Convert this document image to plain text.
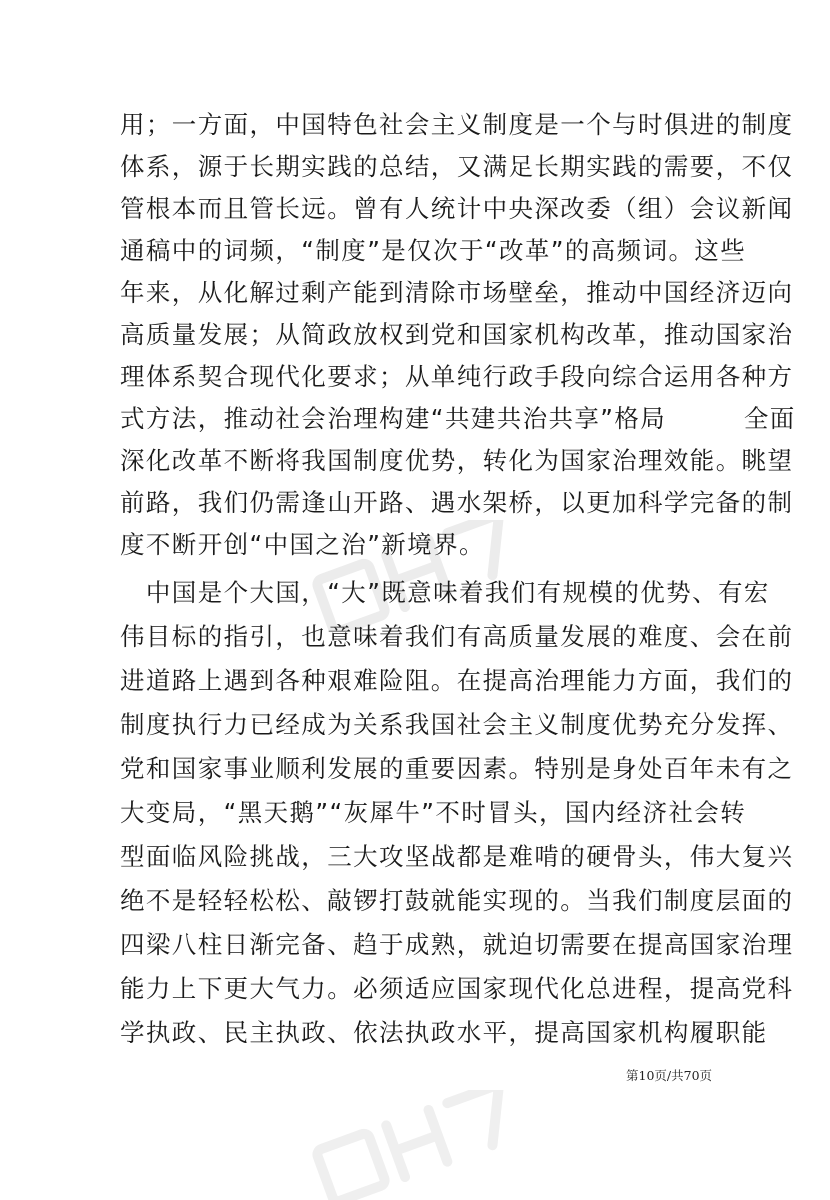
用；一方面，中国特色社会主义制度是一个与时俱进的制度
体系，源于长期实践的总结，又满足长期实践的需要，不仅
管根本而且管长远。曾有人统计中央深改委（组）会议新闻
通稿中的词频，“制度”是仅次于“改革”的高频词。这些
年来，从化解过剩产能到清除市场壁垒，推动中国经济迈向
高质量发展；从简政放权到党和国家机构改革，推动国家治
理体系契合现代化要求；从单纯行政手段向综合运用各种方
式方法，推动社会治理构建“共建共治共享”格局　　　全面
深化改革不断将我国制度优势，转化为国家治理效能。眺望
前路，我们仍需逢山开路、遇水架桥，以更加科学完备的制
度不断开创“中国之治”新境界。
　中国是个大国，“大”既意味着我们有规模的优势、有宏
伟目标的指引，也意味着我们有高质量发展的难度、会在前
进道路上遇到各种艰难险阻。在提高治理能力方面，我们的
制度执行力已经成为关系我国社会主义制度优势充分发挥、
党和国家事业顺利发展的重要因素。特别是身处百年未有之
大变局，“黑天鹅”“灰犀牛”不时冒头，国内经济社会转
型面临风险挑战，三大攻坚战都是难啃的硬骨头，伟大复兴
绝不是轻轻松松、敲锣打鼓就能实现的。当我们制度层面的
四梁八柱日渐完备、趋于成熟，就迫切需要在提高国家治理
能力上下更大气力。必须适应国家现代化总进程，提高党科
学执政、民主执政、依法执政水平，提高国家机构履职能
第10页/共70页
